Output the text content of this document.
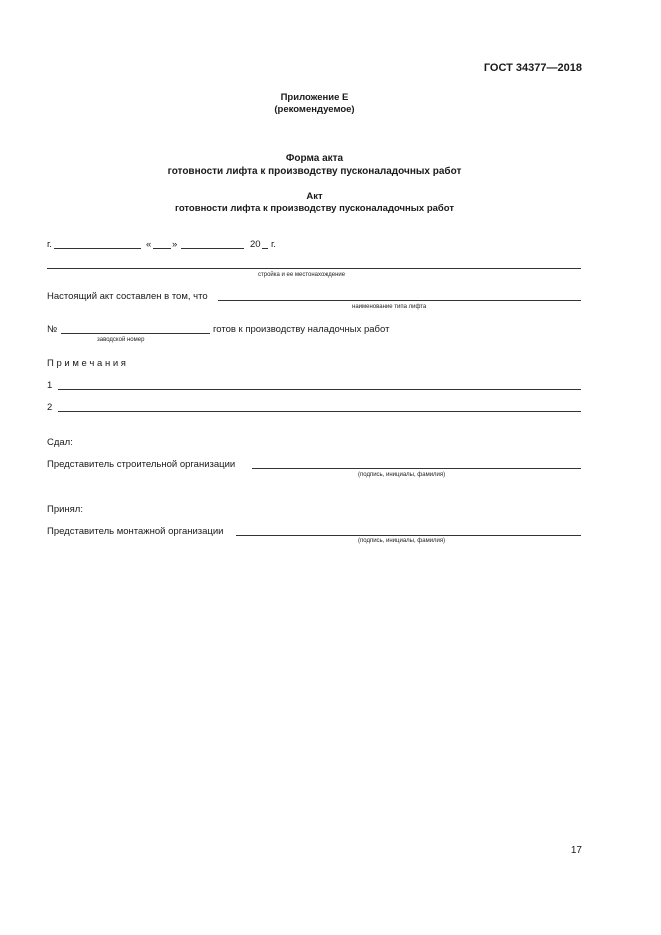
ГОСТ 34377—2018
Приложение Е
(рекомендуемое)
Форма акта
готовности лифта к производству пусконаладочных работ
Акт
готовности лифта к производству пусконаладочных работ
г.	« »	20 г.
стройка и ее местонахождение
Настоящий акт составлен в том, что
наименование типа лифта
№	готов к производству наладочных работ
заводской номер
П р и м е ч а н и я
1
2
Сдал:
Представитель строительной организации
(подпись, инициалы, фамилия)
Принял:
Представитель монтажной организации
(подпись, инициалы, фамилия)
17
